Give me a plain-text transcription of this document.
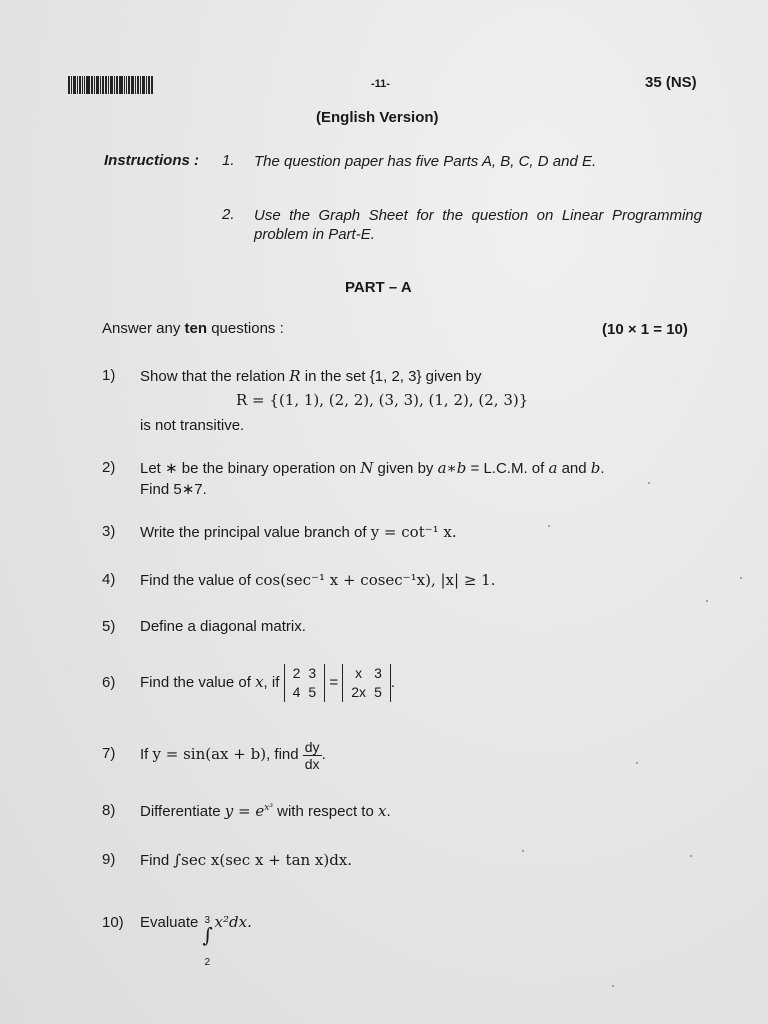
-11-	35 (NS)
(English Version)
Instructions : 1. The question paper has five Parts A, B, C, D and E.
2. Use the Graph Sheet for the question on Linear Programming problem in Part-E.
PART – A
Answer any ten questions :	(10 × 1 = 10)
1) Show that the relation R in the set {1, 2, 3} given by
R = {(1, 1), (2, 2), (3, 3), (1, 2), (2, 3)}
is not transitive.
2) Let ∗ be the binary operation on N given by a∗b = L.C.M. of a and b.
Find 5∗7.
3) Write the principal value branch of y = cot⁻¹ x.
4) Find the value of cos(sec⁻¹ x + cosec⁻¹x), |x| ≥ 1.
5) Define a diagonal matrix.
6) Find the value of x, if
2	3
4	5
=
x	3
2x	5
.
7) If y = sin(ax + b), find $\frac{dy}{dx}$ .
8) Differentiate $y = e^{x^3}$ with respect to x.
9) Find ∫sec x(sec x + tan x)dx.
10) Evaluate 3
∫
2
x²dx.
